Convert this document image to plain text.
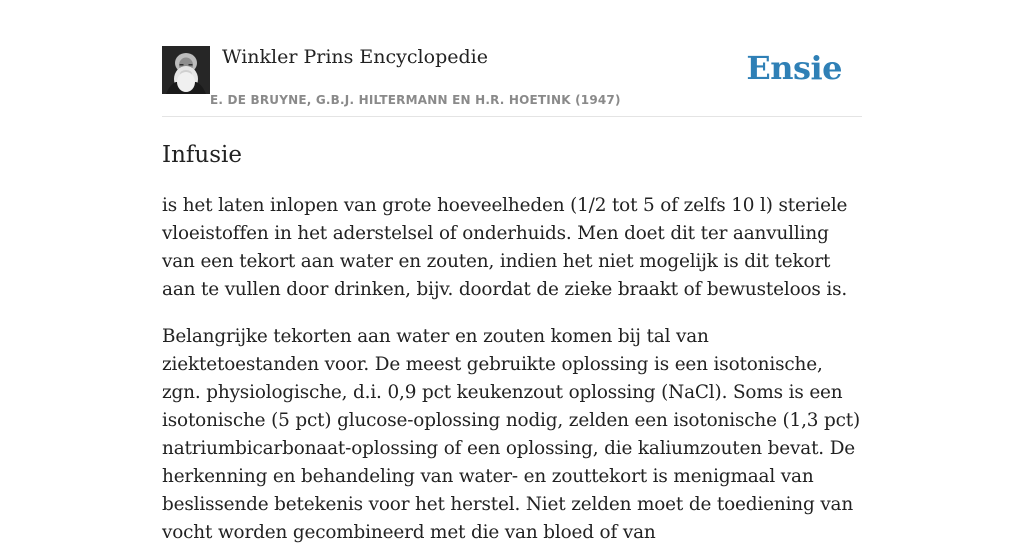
Winkler Prins Encyclopedie
E. DE BRUYNE, G.B.J. HILTERMANN EN H.R. HOETINK (1947)
Ensie
Infusie

is het laten inlopen van grote hoeveelheden (1/2 tot 5 of zelfs 10 l) steriele vloeistoffen in het aderstelsel of onderhuids. Men doet dit ter aanvulling van een tekort aan water en zouten, indien het niet mogelijk is dit tekort aan te vullen door drinken, bijv. doordat de zieke braakt of bewusteloos is.

Belangrijke tekorten aan water en zouten komen bij tal van ziektetoestanden voor. De meest gebruikte oplossing is een isotonische, zgn. physiologische, d.i. 0,9 pct keukenzout oplossing (NaCl). Soms is een isotonische (5 pct) glucose-oplossing nodig, zelden een isotonische (1,3 pct) natriumbicarbonaat-oplossing of een oplossing, die kaliumzouten bevat. De herkenning en behandeling van water- en zouttekort is menigmaal van beslissende betekenis voor het herstel. Niet zelden moet de toediening van vocht worden gecombineerd met die van bloed of van
